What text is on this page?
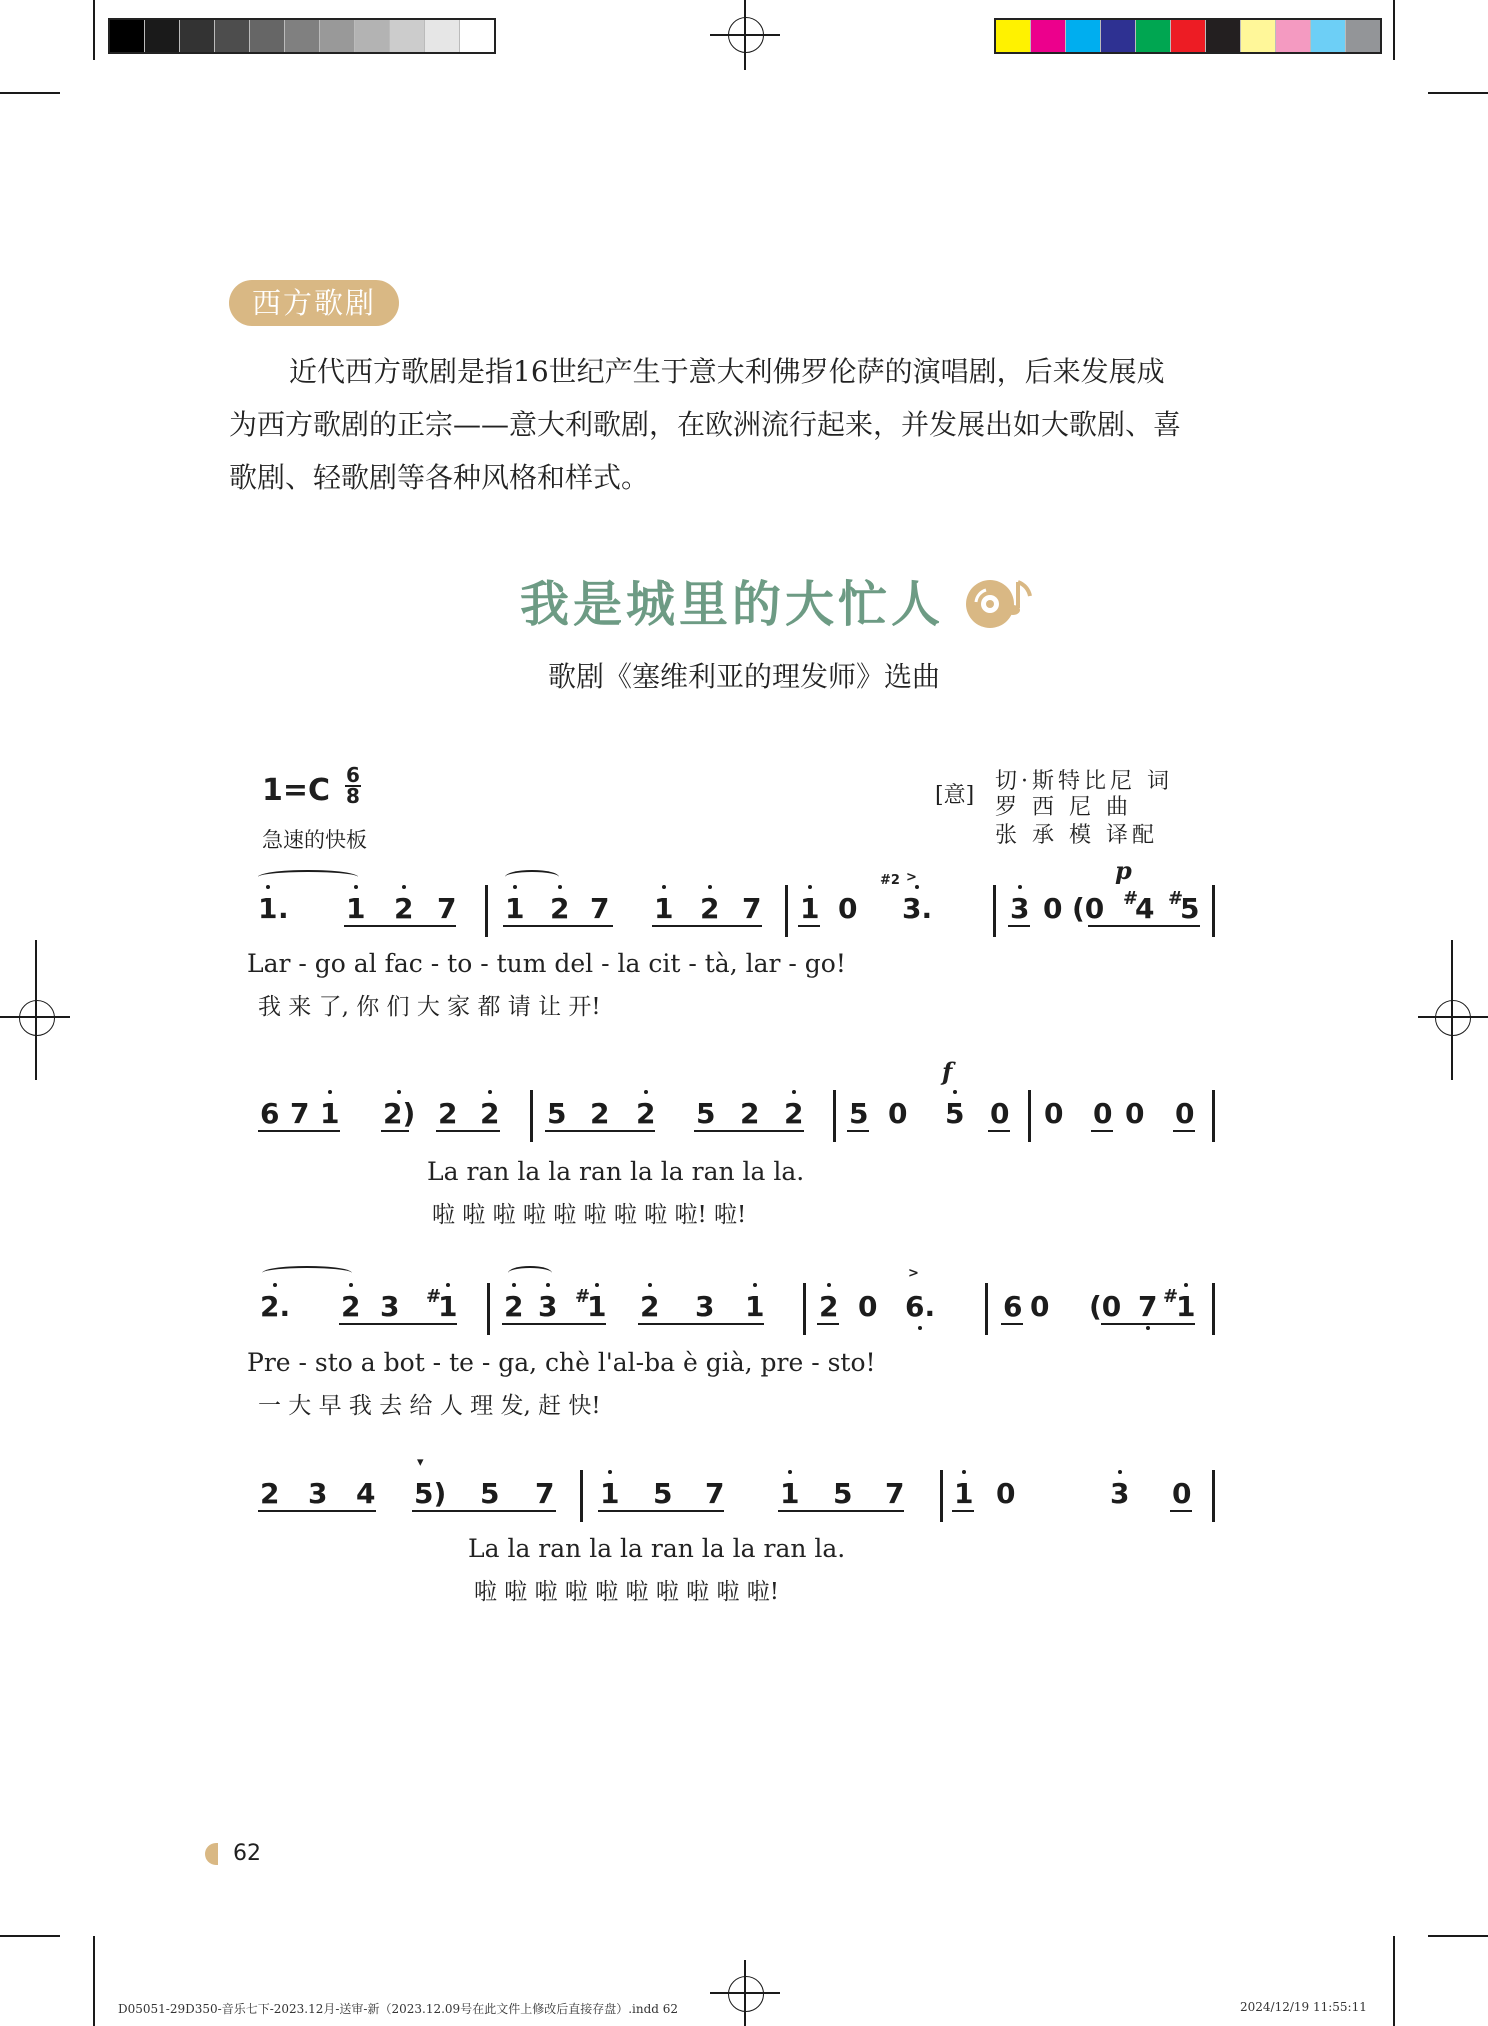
西方歌剧

近代西方歌剧是指16世纪产生于意大利佛罗伦萨的演唱剧，后来发展成

为西方歌剧的正宗——意大利歌剧，在欧洲流行起来，并发展出如大歌剧、喜

歌剧、轻歌剧等各种风格和样式。

我是城里的大忙人
歌剧《塞维利亚的理发师》选曲
1=C 6
8
急速的快板
[意]
切·斯特比尼 词
罗 西 尼 曲
张 承 模 译配
1 . 1 2 7 1 2 7 1 2 7 1 0
#2 >
3.	3 0 (0 #
4 #
5
p
Lar - go al fac - to - tum del - la cit - tà, lar - go!
我 来 了, 你 们 大 家 都 请 让 开!
6 7 1 2) 2 2 5 2 2 5 2 2 5 0
f
5 0 0 0 0 0
La ran la la ran la la ran la la.
啦 啦 啦 啦 啦 啦 啦 啦 啦! 啦!
2. 2 3 #
1 2 3 #
1 2 3 1 2 0
>
6. 6 0 (0 7 #
1
Pre - sto a bot - te - ga, chè l'al-ba è già, pre - sto!
一 大 早 我 去 给 人 理 发, 赶 快!
2 3 4
▾
5) 5 7 1 5 7 1 5 7 1 0	3 0
La la ran la la ran la la ran la.
啦 啦 啦 啦 啦 啦 啦 啦 啦 啦!
62
D05051-29D350-音乐七下-2023.12月-送审-新（2023.12.09号在此文件上修改后直接存盘）.indd 62	2024/12/19 11:55:11
